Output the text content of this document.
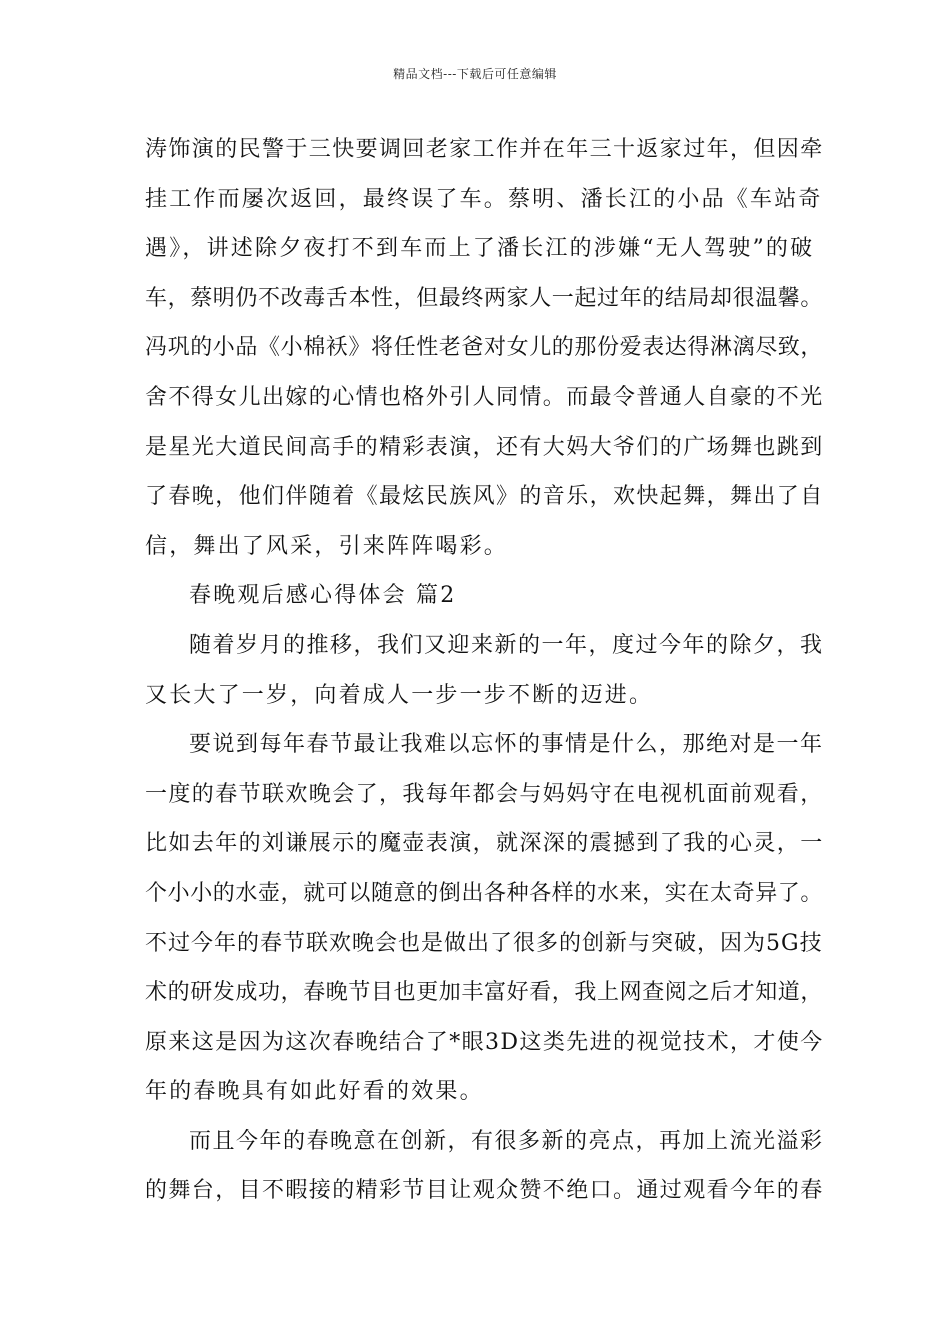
精品文档---下载后可任意编辑
涛饰演的民警于三快要调回老家工作并在年三十返家过年，但因牵
挂工作而屡次返回，最终误了车。蔡明、潘长江的小品《车站奇
遇》，讲述除夕夜打不到车而上了潘长江的涉嫌“无人驾驶”的破
车，蔡明仍不改毒舌本性，但最终两家人一起过年的结局却很温馨。
冯巩的小品《小棉袄》将任性老爸对女儿的那份爱表达得淋漓尽致，
舍不得女儿出嫁的心情也格外引人同情。而最令普通人自豪的不光
是星光大道民间高手的精彩表演，还有大妈大爷们的广场舞也跳到
了春晚，他们伴随着《最炫民族风》的音乐，欢快起舞，舞出了自
信，舞出了风采，引来阵阵喝彩。
春晚观后感心得体会 篇2
随着岁月的推移，我们又迎来新的一年，度过今年的除夕，我
又长大了一岁，向着成人一步一步不断的迈进。
要说到每年春节最让我难以忘怀的事情是什么，那绝对是一年
一度的春节联欢晚会了，我每年都会与妈妈守在电视机面前观看，
比如去年的刘谦展示的魔壶表演，就深深的震撼到了我的心灵，一
个小小的水壶，就可以随意的倒出各种各样的水来，实在太奇异了。
不过今年的春节联欢晚会也是做出了很多的创新与突破，因为5G技
术的研发成功，春晚节目也更加丰富好看，我上网查阅之后才知道，
原来这是因为这次春晚结合了*眼3D这类先进的视觉技术，才使今
年的春晚具有如此好看的效果。
而且今年的春晚意在创新，有很多新的亮点，再加上流光溢彩
的舞台，目不暇接的精彩节目让观众赞不绝口。通过观看今年的春
